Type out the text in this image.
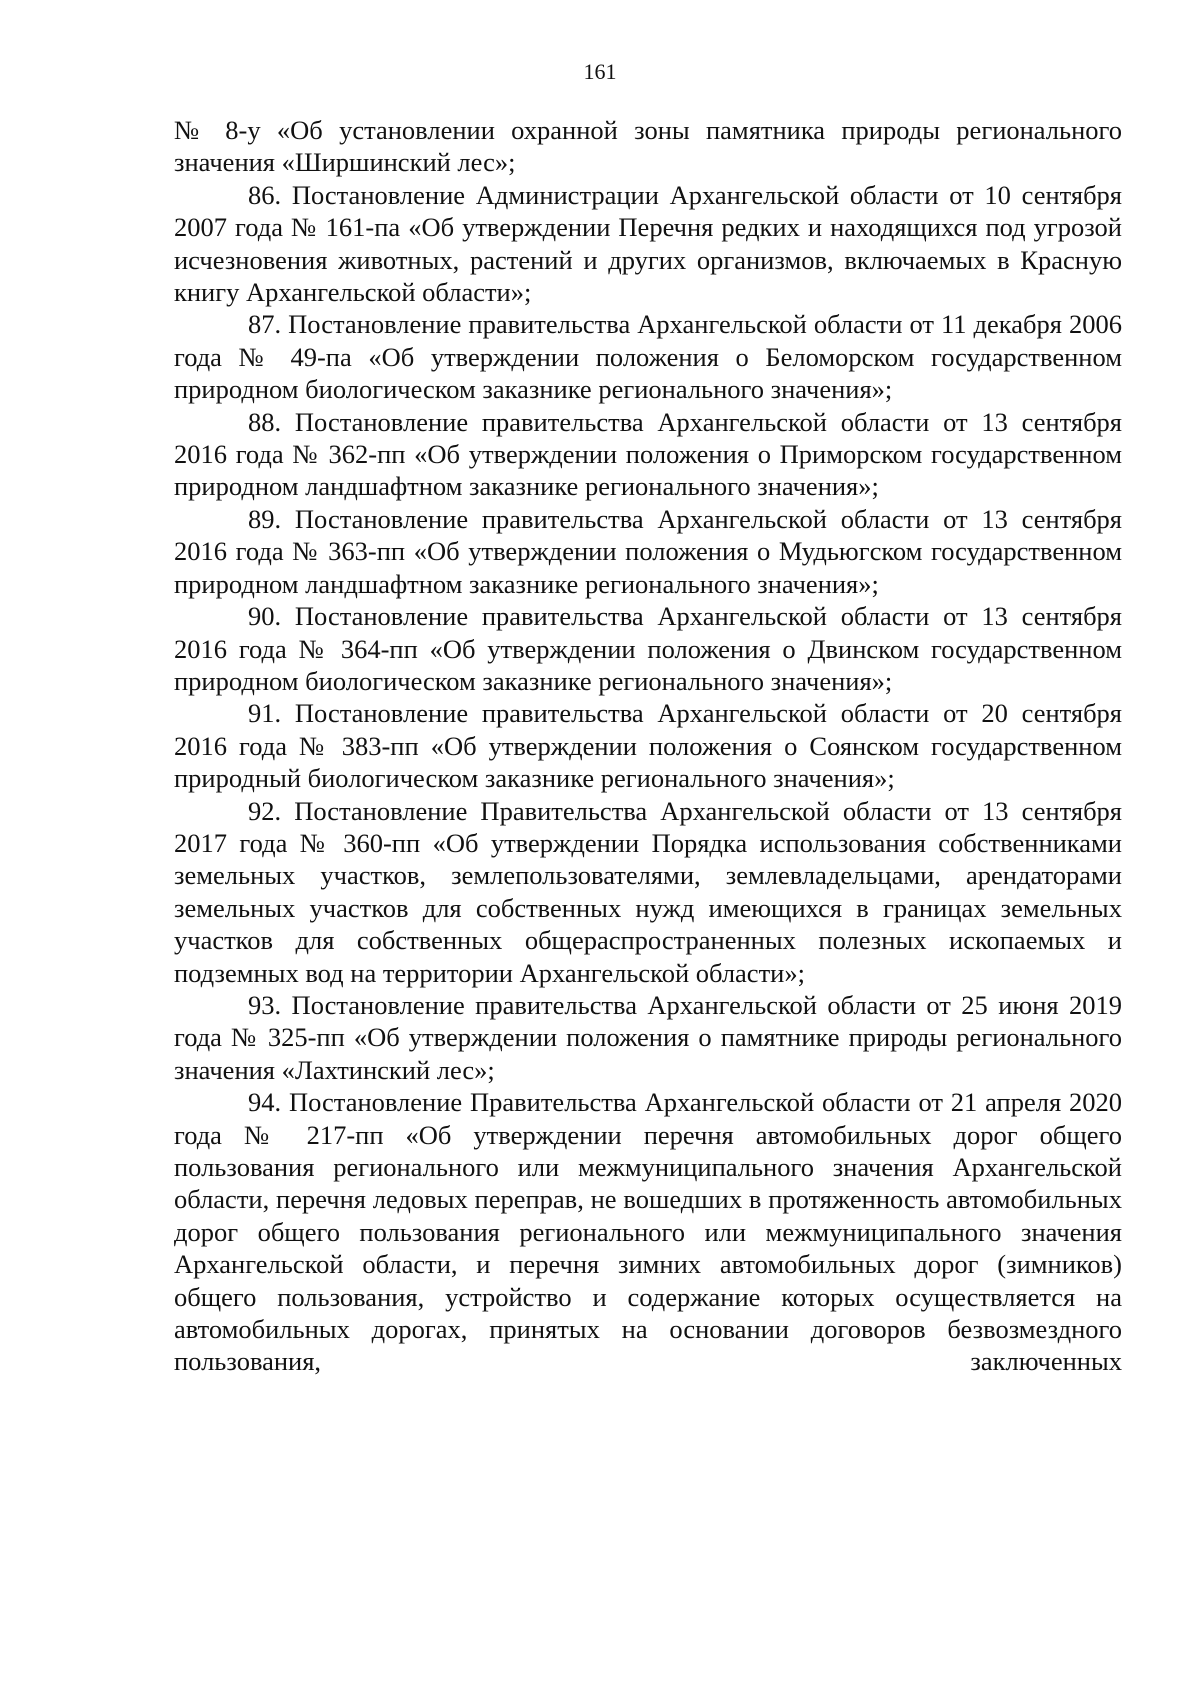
161

№ 8-у «Об установлении охранной зоны памятника природы регионального значения «Ширшинский лес»;

86. Постановление Администрации Архангельской области от 10 сентября 2007 года № 161-па «Об утверждении Перечня редких и находящихся под угрозой исчезновения животных, растений и других организмов, включаемых в Красную книгу Архангельской области»;

87. Постановление правительства Архангельской области от 11 декабря 2006 года № 49-па «Об утверждении положения о Беломорском государственном природном биологическом заказнике регионального значения»;

88. Постановление правительства Архангельской области от 13 сентября 2016 года № 362-пп «Об утверждении положения о Приморском государственном природном ландшафтном заказнике регионального значения»;

89. Постановление правительства Архангельской области от 13 сентября 2016 года № 363-пп «Об утверждении положения о Мудьюгском государственном природном ландшафтном заказнике регионального значения»;

90. Постановление правительства Архангельской области от 13 сентября 2016 года № 364-пп «Об утверждении положения о Двинском государственном природном биологическом заказнике регионального значения»;

91. Постановление правительства Архангельской области от 20 сентября 2016 года № 383-пп «Об утверждении положения о Соянском государственном природный биологическом заказнике регионального значения»;

92. Постановление Правительства Архангельской области от 13 сентября 2017 года № 360-пп «Об утверждении Порядка использования собственниками земельных участков, землепользователями, землевладельцами, арендаторами земельных участков для собственных нужд имеющихся в границах земельных участков для собственных общераспространенных полезных ископаемых и подземных вод на территории Архангельской области»;

93. Постановление правительства Архангельской области от 25 июня 2019 года № 325-пп «Об утверждении положения о памятнике природы регионального значения «Лахтинский лес»;

94. Постановление Правительства Архангельской области от 21 апреля 2020 года № 217-пп «Об утверждении перечня автомобильных дорог общего пользования регионального или межмуниципального значения Архангельской области, перечня ледовых переправ, не вошедших в протяженность автомобильных дорог общего пользования регионального или межмуниципального значения Архангельской области, и перечня зимних автомобильных дорог (зимников) общего пользования, устройство и содержание которых осуществляется на автомобильных дорогах, принятых на основании договоров безвозмездного пользования, заключенных
